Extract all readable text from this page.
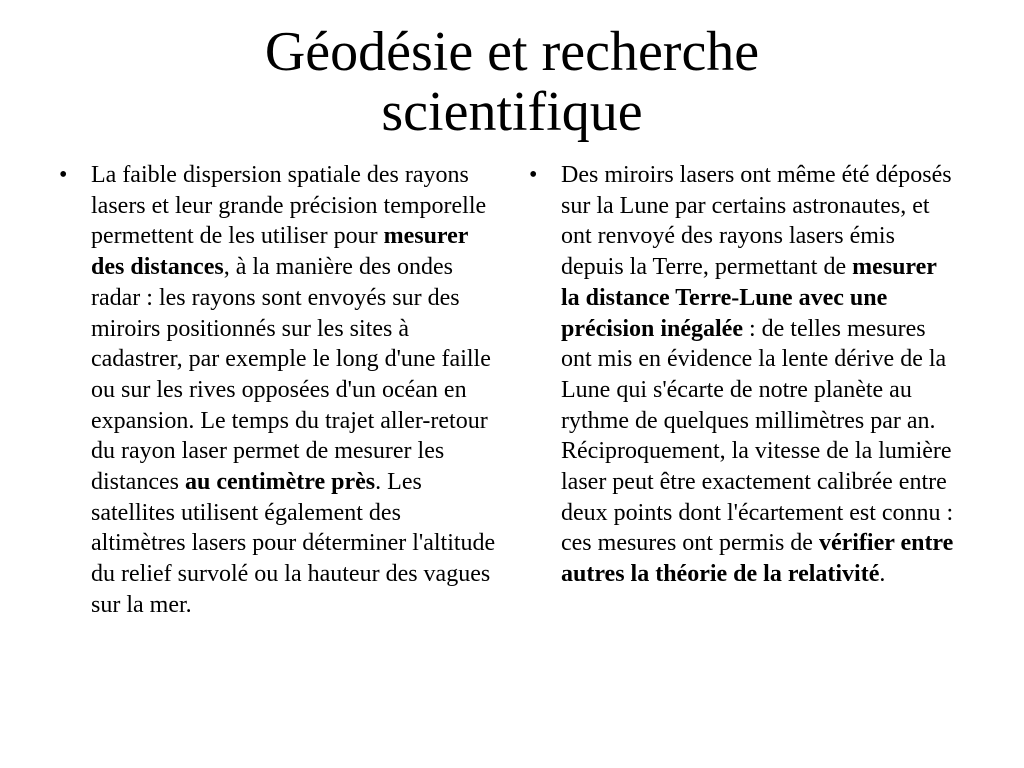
Géodésie et recherche
scientifique
• La faible dispersion spatiale des rayons lasers et leur grande précision temporelle permettent de les utiliser pour mesurer des distances, à la manière des ondes radar : les rayons sont envoyés sur des miroirs positionnés sur les sites à cadastrer, par exemple le long d'une faille ou sur les rives opposées d'un océan en expansion. Le temps du trajet aller-retour du rayon laser permet de mesurer les distances au centimètre près. Les satellites utilisent également des altimètres lasers pour déterminer l'altitude du relief survolé ou la hauteur des vagues sur la mer.
• Des miroirs lasers ont même été déposés sur la Lune par certains astronautes, et ont renvoyé des rayons lasers émis depuis la Terre, permettant de mesurer la distance Terre-Lune avec une précision inégalée : de telles mesures ont mis en évidence la lente dérive de la Lune qui s'écarte de notre planète au rythme de quelques millimètres par an. Réciproquement, la vitesse de la lumière laser peut être exactement calibrée entre deux points dont l'écartement est connu : ces mesures ont permis de vérifier entre autres la théorie de la relativité.
